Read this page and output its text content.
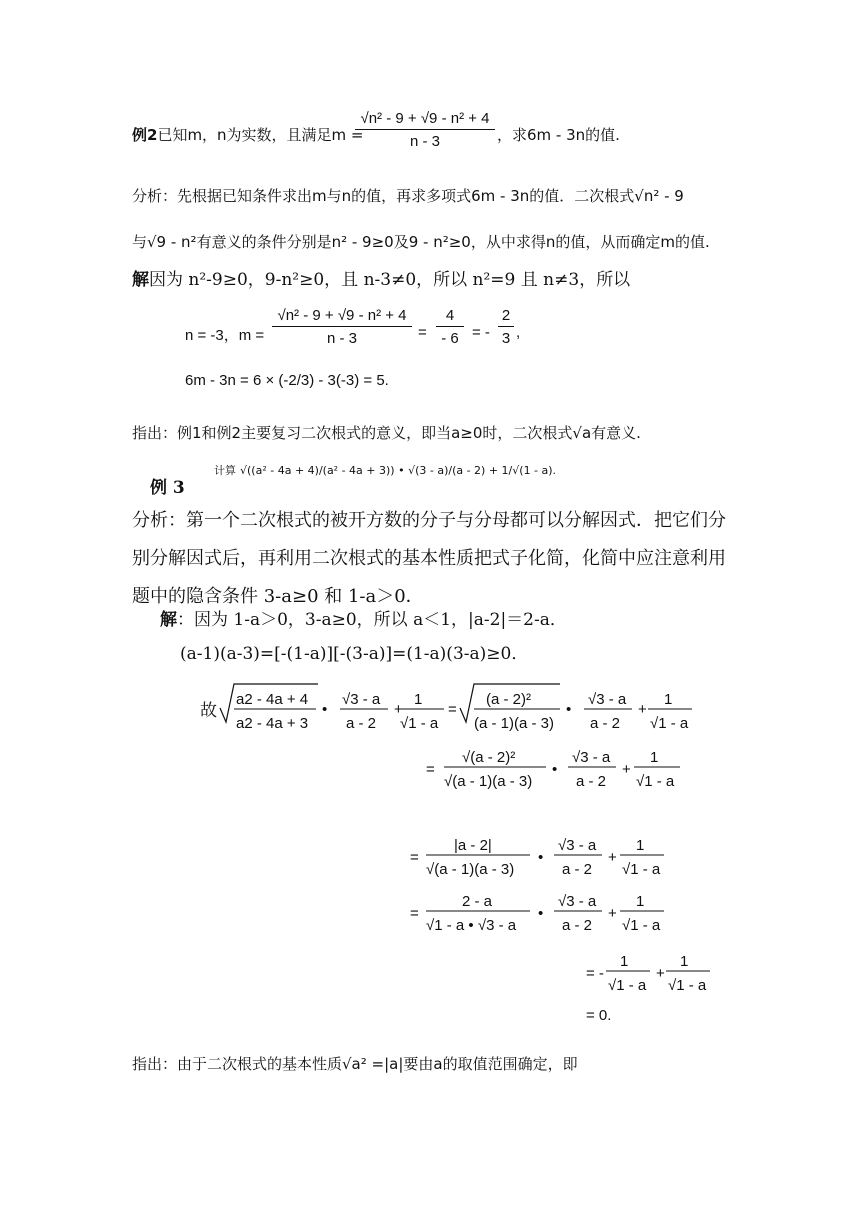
例2已知m，n为实数，且满足m =
$\frac{\text{√n² - 9 + √9 - n² + 4}}{n - 3}$ ，求6m - 3n的值.
分析：先根据已知条件求出m与n的值，再求多项式6m - 3n的值．二次根式√n² - 9
与√9 - n²有意义的条件分别是n² - 9≥0及9 - n²≥0，从中求得n的值，从而确定m的值.
解因为 n²-9≥0，9-n²≥0，且 n-3≠0，所以 n²=9 且 n≠3，所以
n = -3，$m = \frac{\text{√n² - 9 + √9 - n² + 4}}{n - 3}$ =
4
- 6 = -
2
3 ,
6m - 3n = 6 × (-2/3) - 3(-3) = 5.
指出：例1和例2主要复习二次根式的意义，即当a≥0时，二次根式√a有意义.
例 3
计算 √((a² - 4a + 4)/(a² - 4a + 3)) • √(3 - a)/(a - 2) + 1/√(1 - a).
分析：第一个二次根式的被开方数的分子与分母都可以分解因式．把它们分别分解因式后，再利用二次根式的基本性质把式子化简，化简中应注意利用题中的隐含条件 3-a≥0 和 1-a＞0．
解：因为 1-a＞0，3-a≥0，所以 a＜1，|a-2|＝2-a．
(a-1)(a-3)=[-(1-a)][-(3-a)]=(1-a)(3-a)≥0．
故
a2 - 4a + 4
a2 - 4a + 3
•
√3 - a
a - 2
+
1
√1 - a
=
(a - 2)²
(a - 1)(a - 3)
•
√3 - a
a - 2
+
1
√1 - a
=
√(a - 2)²
√(a - 1)(a - 3)
•
√3 - a
a - 2
+
1
√1 - a
=
|a - 2|
√(a - 1)(a - 3)
•
√3 - a
a - 2
+
1
√1 - a
=
2 - a
√1 - a • √3 - a
•
√3 - a
a - 2
+
1
√1 - a
= -
1
√1 - a
+
1
√1 - a
= 0.
指出：由于二次根式的基本性质√a² =|a|要由a的取值范围确定，即
